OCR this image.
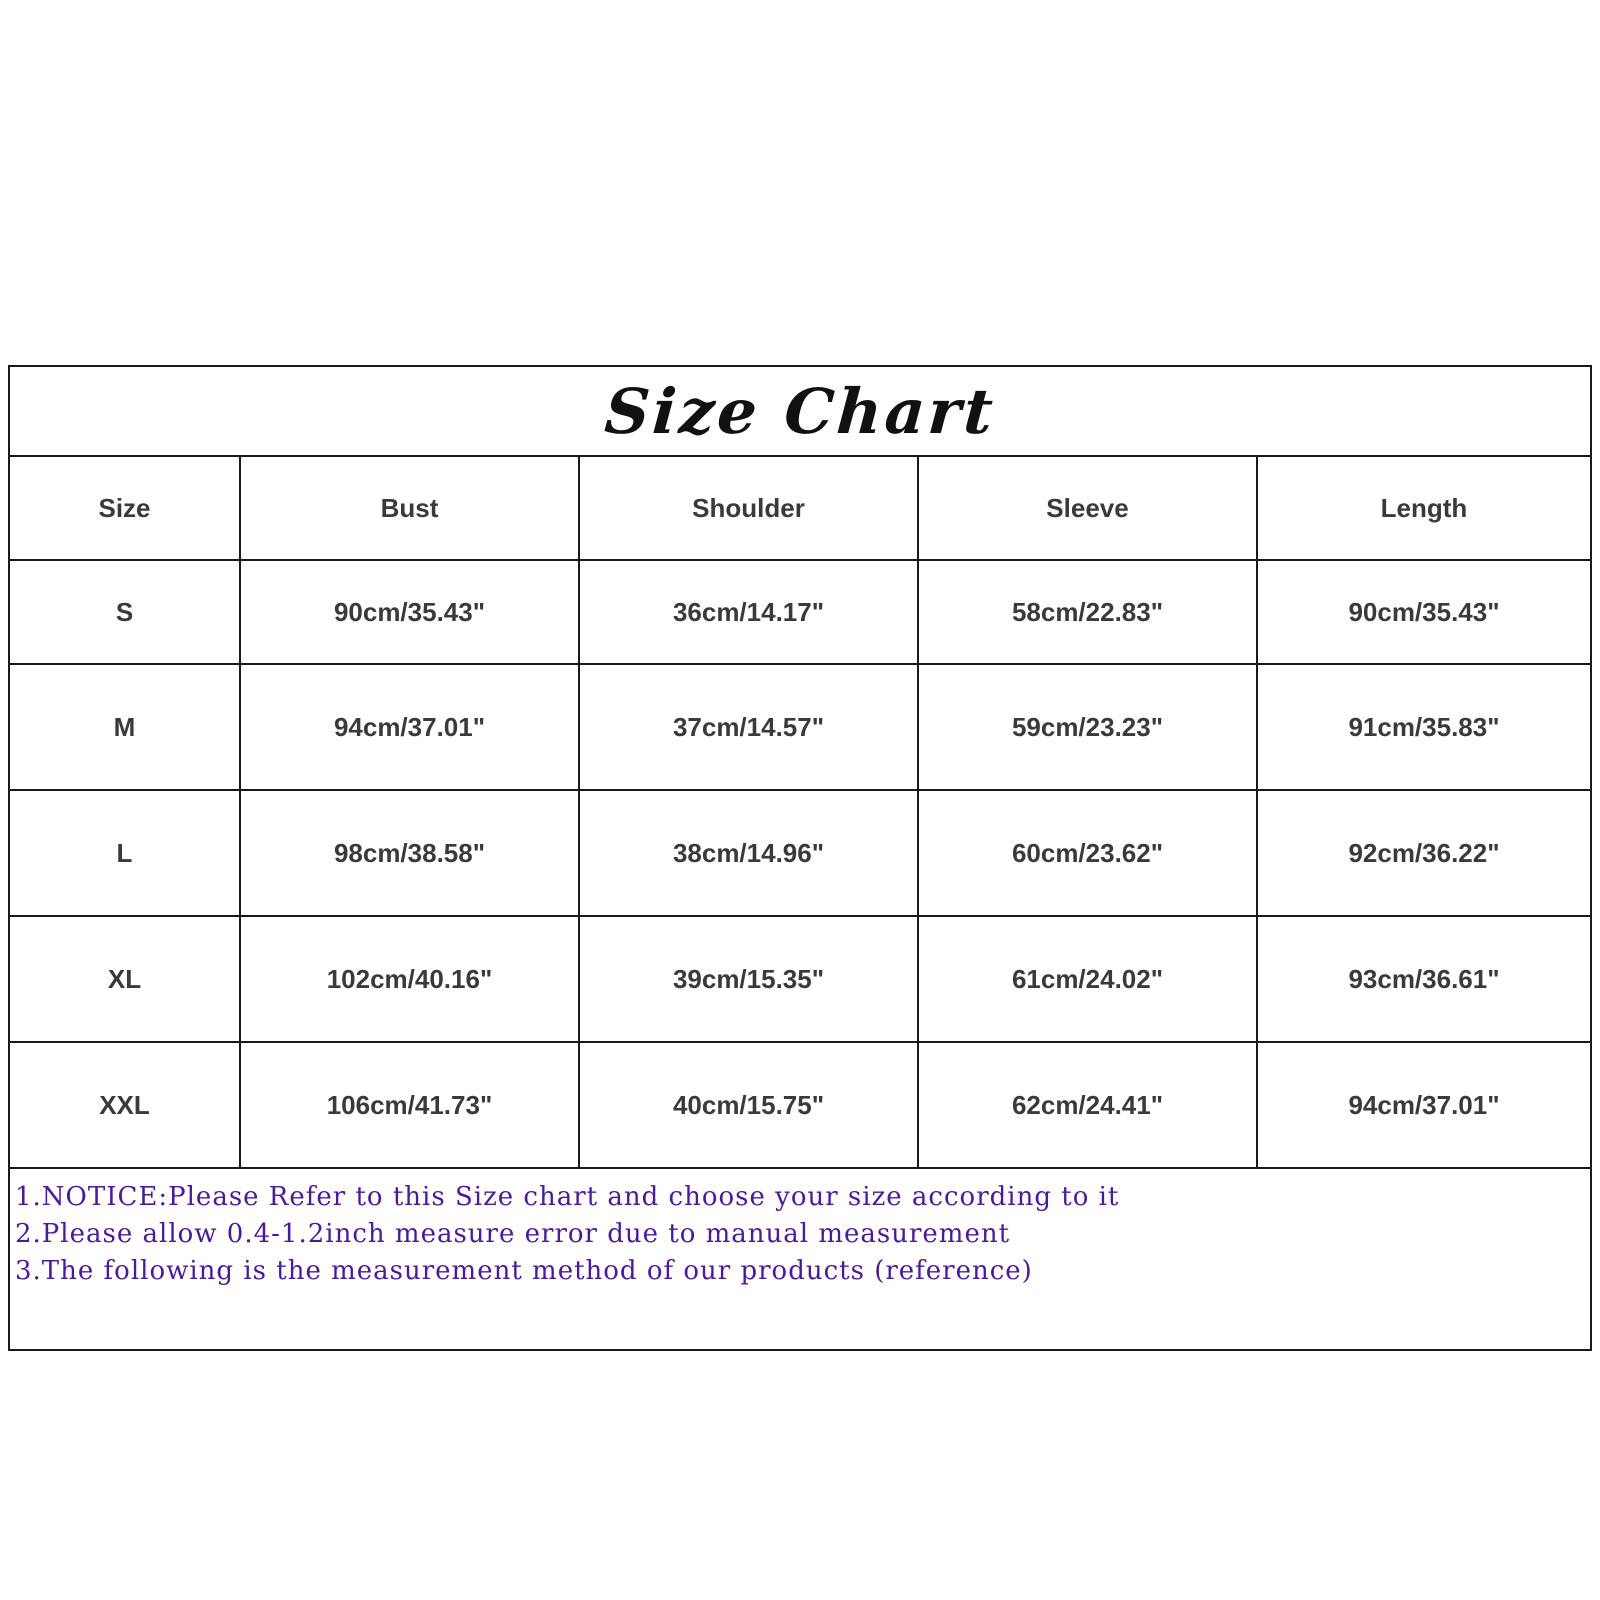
Size Chart
Size	Bust	Shoulder	Sleeve	Length
S	90cm/35.43"	36cm/14.17"	58cm/22.83"	90cm/35.43"
M	94cm/37.01"	37cm/14.57"	59cm/23.23"	91cm/35.83"
L	98cm/38.58"	38cm/14.96"	60cm/23.62"	92cm/36.22"
XL	102cm/40.16"	39cm/15.35"	61cm/24.02"	93cm/36.61"
XXL	106cm/41.73"	40cm/15.75"	62cm/24.41"	94cm/37.01"
1.NOTICE:Please Refer to this Size chart and choose your size according to it
2.Please allow 0.4-1.2inch measure error due to manual measurement
3.The following is the measurement method of our products (reference)
